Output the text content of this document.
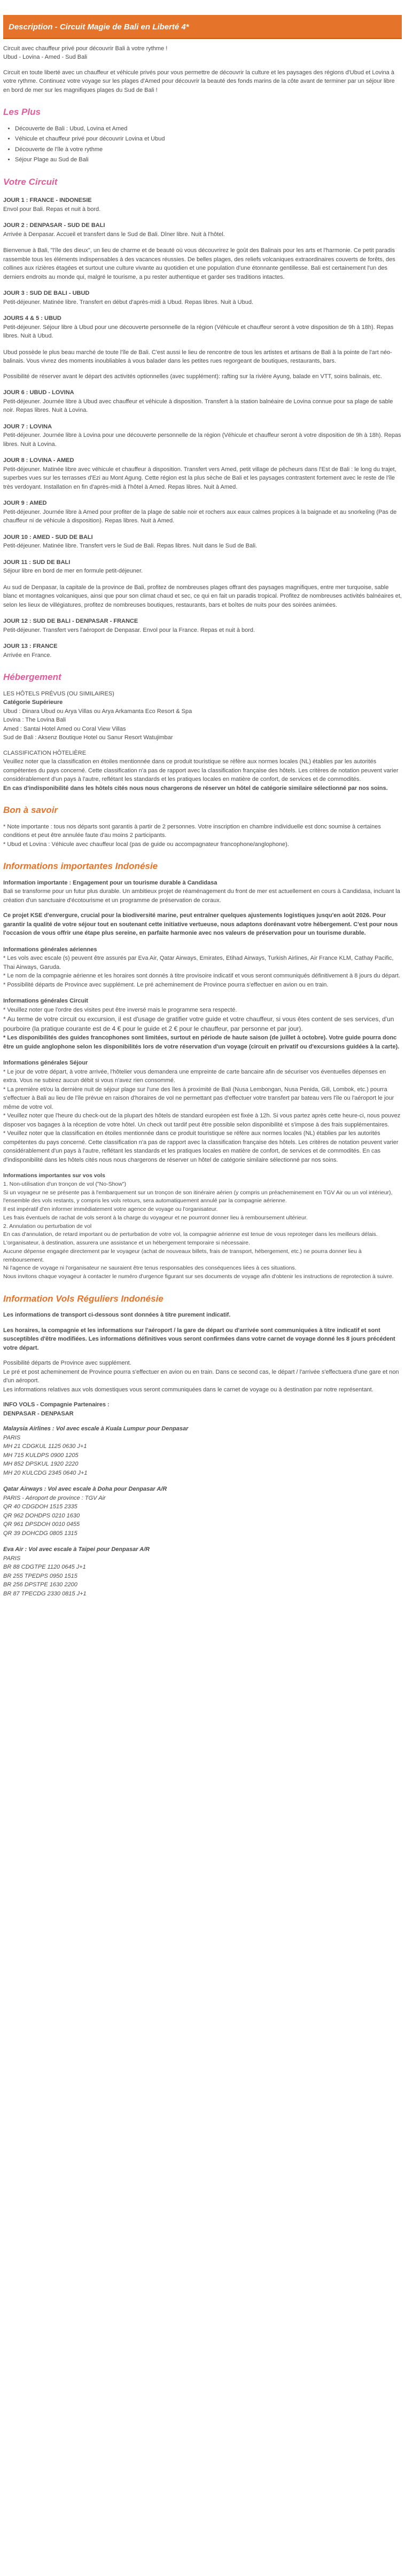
Description - Circuit Magie de Bali en Liberté 4*

Circuit avec chauffeur privé pour découvrir Bali à votre rythme !
Ubud - Lovina - Amed - Sud Bali

Circuit en toute liberté avec un chauffeur et véhicule privés pour vous permettre de découvrir la culture et les paysages des régions d'Ubud et Lovina à votre rythme. Continuez votre voyage sur les plages d'Amed pour découvrir la beauté des fonds marins de la côte avant de terminer par un séjour libre en bord de mer sur les magnifiques plages du Sud de Bali !

Les Plus
• Découverte de Bali : Ubud, Lovina et Amed
• Véhicule et chauffeur privé pour découvrir Lovina et Ubud
• Découverte de l'île à votre rythme
• Séjour Plage au Sud de Bali
Votre Circuit

JOUR 1 : FRANCE - INDONESIE

Envol pour Bali. Repas et nuit à bord.

JOUR 2 : DENPASAR - SUD DE BALI

Arrivée à Denpasar. Accueil et transfert dans le Sud de Bali. Dîner libre. Nuit à l'hôtel.

Bienvenue à Bali, "l'île des dieux", un lieu de charme et de beauté où vous découvrirez le goût des Balinais pour les arts et l'harmonie. Ce petit paradis rassemble tous les éléments indispensables à des vacances réussies. De belles plages, des reliefs volcaniques extraordinaires couverts de forêts, des collines aux rizières étagées et surtout une culture vivante au quotidien et une population d'une étonnante gentillesse. Bali est certainement l'un des derniers endroits au monde qui, malgré le tourisme, a pu rester authentique et garder ses traditions intactes.

JOUR 3 : SUD DE BALI - UBUD

Petit-déjeuner. Matinée libre. Transfert en début d'après-midi à Ubud. Repas libres. Nuit à Ubud.

JOURS 4 & 5 : UBUD

Petit-déjeuner. Séjour libre à Ubud pour une découverte personnelle de la région (Véhicule et chauffeur seront à votre disposition de 9h à 18h). Repas libres. Nuit à Ubud.

Ubud possède le plus beau marché de toute l'île de Bali. C'est aussi le lieu de rencontre de tous les artistes et artisans de Bali à la pointe de l'art néo-balinais. Vous vivrez des moments inoubliables à vous balader dans les petites rues regorgeant de boutiques, restaurants, bars.

Possibilité de réserver avant le départ des activités optionnelles (avec supplément): rafting sur la rivière Ayung, balade en VTT, soins balinais, etc.

JOUR 6 : UBUD - LOVINA

Petit-déjeuner. Journée libre à Ubud avec chauffeur et véhicule à disposition. Transfert à la station balnéaire de Lovina connue pour sa plage de sable noir. Repas libres. Nuit à Lovina.

JOUR 7 : LOVINA

Petit-déjeuner. Journée libre à Lovina pour une découverte personnelle de la région (Véhicule et chauffeur seront à votre disposition de 9h à 18h). Repas libres. Nuit à Lovina.

JOUR 8 : LOVINA - AMED

Petit-déjeuner. Matinée libre avec véhicule et chauffeur à disposition. Transfert vers Amed, petit village de pêcheurs dans l'Est de Bali : le long du trajet, superbes vues sur les terrasses d'Ezi au Mont Agung. Cette région est la plus sèche de Bali et les paysages contrastent fortement avec le reste de l'île très verdoyant. Installation en fin d'après-midi à l'hôtel à Amed. Repas libres. Nuit à Amed.

JOUR 9 : AMED

Petit-déjeuner. Journée libre à Amed pour profiter de la plage de sable noir et rochers aux eaux calmes propices à la baignade et au snorkeling (Pas de chauffeur ni de véhicule à disposition). Repas libres. Nuit à Amed.

JOUR 10 : AMED - SUD DE BALI

Petit-déjeuner. Matinée libre. Transfert vers le Sud de Bali. Repas libres. Nuit dans le Sud de Bali.

JOUR 11 : SUD DE BALI

Séjour libre en bord de mer en formule petit-déjeuner.

Au sud de Denpasar, la capitale de la province de Bali, profitez de nombreuses plages offrant des paysages magnifiques, entre mer turquoise, sable blanc et montagnes volcaniques, ainsi que pour son climat chaud et sec, ce qui en fait un paradis tropical. Profitez de nombreuses activités balnéaires et, selon les lieux de villégiatures, profitez de nombreuses boutiques, restaurants, bars et boîtes de nuits pour des soirées animées.

JOUR 12 : SUD DE BALI - DENPASAR - FRANCE

Petit-déjeuner. Transfert vers l'aéroport de Denpasar. Envol pour la France. Repas et nuit à bord.

JOUR 13 : FRANCE

Arrivée en France.

Hébergement

LES HÔTELS PRÉVUS (OU SIMILAIRES)
Catégorie Supérieure
Ubud : Dinara Ubud ou Arya Villas ou Arya Arkamanta Eco Resort & Spa
Lovina : The Lovina Bali
Amed : Santai Hotel Amed ou Coral View Villas
Sud de Bali : Aksenz Boutique Hotel ou Sanur Resort Watujimbar

CLASSIFICATION HÔTELIÈRE
Veuillez noter que la classification en étoiles mentionnée dans ce produit touristique se réfère aux normes locales (NL) établies par les autorités compétentes du pays concerné. Cette classification n'a pas de rapport avec la classification française des hôtels. Les critères de notation peuvent varier considérablement d'un pays à l'autre, reflétant les standards et les pratiques locales en matière de confort, de services et de commodités.
En cas d'indisponibilité dans les hôtels cités nous nous chargerons de réserver un hôtel de catégorie similaire sélectionné par nos soins.

Bon à savoir

* Note importante : tous nos départs sont garantis à partir de 2 personnes. Votre inscription en chambre individuelle est donc soumise à certaines conditions et peut être annulée faute d'au moins 2 participants.
* Ubud et Lovina : Véhicule avec chauffeur local (pas de guide ou accompagnateur francophone/anglophone).

Informations importantes Indonésie

Information importante : Engagement pour un tourisme durable à Candidasa

Bali se transforme pour un futur plus durable. Un ambitieux projet de réaménagement du front de mer est actuellement en cours à Candidasa, incluant la création d'un sanctuaire d'écotourisme et un programme de préservation de coraux.

Ce projet KSE d'envergure, crucial pour la biodiversité marine, peut entraîner quelques ajustements logistiques jusqu'en août 2026. Pour garantir la qualité de votre séjour tout en soutenant cette initiative vertueuse, nous adaptons dorénavant votre hébergement. C'est pour nous l'occasion de vous offrir une étape plus sereine, en parfaite harmonie avec nos valeurs de préservation pour un tourisme durable.

Informations générales aériennes

* Les vols avec escale (s) peuvent être assurés par Eva Air, Qatar Airways, Emirates, Etihad Airways, Turkish Airlines, Air France KLM, Cathay Pacific, Thai Airways, Garuda.

* Le nom de la compagnie aérienne et les horaires sont donnés à titre provisoire indicatif et vous seront communiqués définitivement à 8 jours du départ.

* Possibilité départs de Province avec supplément. Le pré acheminement de Province pourra s'effectuer en avion ou en train.

Informations générales Circuit

* Veuillez noter que l'ordre des visites peut être inversé mais le programme sera respecté.

* Au terme de votre circuit ou excursion, il est d'usage de gratifier votre guide et votre chauffeur, si vous êtes content de ses services, d'un pourboire (la pratique courante est de 4 € pour le guide et 2 € pour le chauffeur, par personne et par jour).

* Les disponibilités des guides francophones sont limitées, surtout en période de haute saison (de juillet à octobre). Votre guide pourra donc être un guide anglophone selon les disponibilités lors de votre réservation d'un voyage (circuit en privatif ou d'excursions guidées à la carte).

Informations générales Séjour

* Le jour de votre départ, à votre arrivée, l'hôtelier vous demandera une empreinte de carte bancaire afin de sécuriser vos éventuelles dépenses en extra. Vous ne subirez aucun débit si vous n'avez rien consommé.

* La première et/ou la dernière nuit de séjour plage sur l'une des îles à proximité de Bali (Nusa Lembongan, Nusa Penida, Gili, Lombok, etc.) pourra s'effectuer à Bali au lieu de l'île prévue en raison d'horaires de vol ne permettant pas d'effectuer votre transfert par bateau vers l'île ou l'aéroport le jour même de votre vol.

* Veuillez noter que l'heure du check-out de la plupart des hôtels de standard européen est fixée à 12h. Si vous partez après cette heure-ci, nous pouvez disposer vos bagages à la réception de votre hôtel. Un check out tardif peut être possible selon disponibilité et s'impose à des frais supplémentaires.

* Veuillez noter que la classification en étoiles mentionnée dans ce produit touristique se réfère aux normes locales (NL) établies par les autorités compétentes du pays concerné. Cette classification n'a pas de rapport avec la classification française des hôtels. Les critères de notation peuvent varier considérablement d'un pays à l'autre, reflétant les standards et les pratiques locales en matière de confort, de services et de commodités. En cas d'indisponibilité dans les hôtels cités nous nous chargerons de réserver un hôtel de catégorie similaire sélectionné par nos soins.

Informations importantes sur vos vols

1. Non-utilisation d'un tronçon de vol ("No-Show")

Si un voyageur ne se présente pas à l'embarquement sur un tronçon de son itinéraire aérien (y compris un préacheminement en TGV Air ou un vol intérieur), l'ensemble des vols restants, y compris les vols retours, sera automatiquement annulé par la compagnie aérienne.

Il est impératif d'en informer immédiatement votre agence de voyage ou l'organisateur.

Les frais éventuels de rachat de vols seront à la charge du voyageur et ne pourront donner lieu à remboursement ultérieur.

2. Annulation ou perturbation de vol

En cas d'annulation, de retard important ou de perturbation de votre vol, la compagnie aérienne est tenue de vous reproteger dans les meilleurs délais.

L'organisateur, à destination, assurera une assistance et un hébergement temporaire si nécessaire.

Aucune dépense engagée directement par le voyageur (achat de nouveaux billets, frais de transport, hébergement, etc.) ne pourra donner lieu à remboursement.

Ni l'agence de voyage ni l'organisateur ne sauraient être tenus responsables des conséquences liées à ces situations.

Nous invitons chaque voyageur à contacter le numéro d'urgence figurant sur ses documents de voyage afin d'obtenir les instructions de reprotection à suivre.

Information Vols Réguliers Indonésie

Les informations de transport ci-dessous sont données à titre purement indicatif.

Les horaires, la compagnie et les informations sur l'aéroport / la gare de départ ou d'arrivée sont communiquées à titre indicatif et sont susceptibles d'être modifiées. Les informations définitives vous seront confirmées dans votre carnet de voyage donné les 8 jours précédent votre départ.

Possibilité départs de Province avec supplément.

Le pré et post acheminement de Province pourra s'effectuer en avion ou en train. Dans ce second cas, le départ / l'arrivée s'effectuera d'une gare et non d'un aéroport.

Les informations relatives aux vols domestiques vous seront communiquées dans le carnet de voyage ou à destination par notre représentant.

INFO VOLS - Compagnie Partenaires :

DENPASAR - DENPASAR

Malaysia Airlines : Vol avec escale à Kuala Lumpur pour Denpasar

PARIS

MH 21 CDGKUL 1125 0630 J+1

MH 715 KULDPS 0900 1205

MH 852 DPSKUL 1920 2220

MH 20 KULCDG 2345 0640 J+1

Qatar Airways : Vol avec escale à Doha pour Denpasar A/R

PARIS - Aéroport de province : TGV Air

QR 40 CDGDOH 1515 2335

QR 962 DOHDPS 0210 1630

QR 961 DPSDOH 0010 0455

QR 39 DOHCDG 0805 1315

Eva Air : Vol avec escale à Taipei pour Denpasar A/R

PARIS

BR 88 CDGTPE 1120 0645 J+1

BR 255 TPEDPS 0950 1515

BR 256 DPSTPE 1630 2200

BR 87 TPECDG 2330 0815 J+1
